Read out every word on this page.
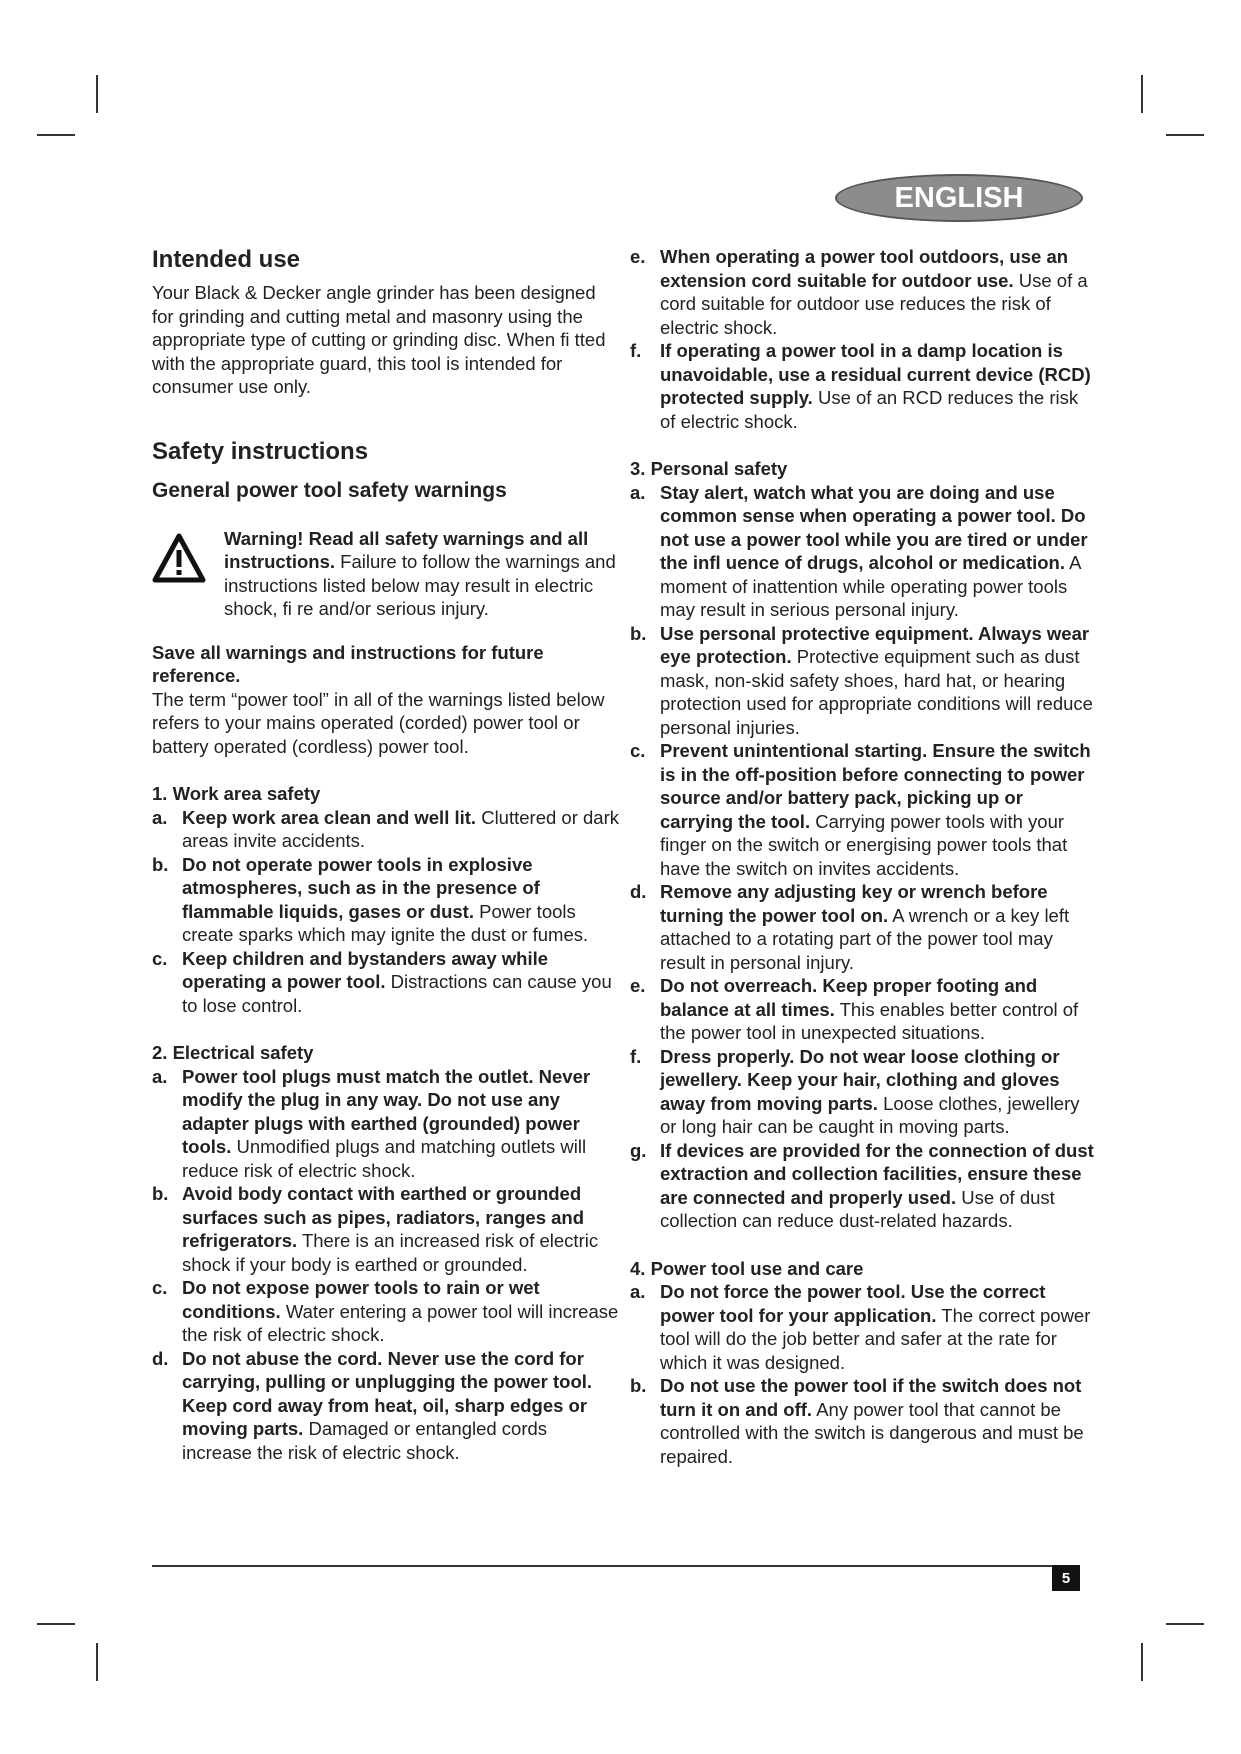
ENGLISH
Intended use

Your Black & Decker angle grinder has been designed for grinding and cutting metal and masonry using the appropriate type of cutting or grinding disc. When fi tted with the appropriate guard, this tool is intended for consumer use only.

Safety instructions
General power tool safety warnings
Warning! Read all safety warnings and all instructions. Failure to follow the warnings and instructions listed below may result in electric shock, fi re and/or serious injury.

Save all warnings and instructions for future reference.

The term “power tool” in all of the warnings listed below refers to your mains operated (corded) power tool or battery operated (cordless) power tool.

1. Work area safety

a. Keep work area clean and well lit. Cluttered or dark areas invite accidents.
b. Do not operate power tools in explosive atmospheres, such as in the presence of flammable liquids, gases or dust. Power tools create sparks which may ignite the dust or fumes.
c. Keep children and bystanders away while operating a power tool. Distractions can cause you to lose control.

2. Electrical safety

a. Power tool plugs must match the outlet. Never modify the plug in any way. Do not use any adapter plugs with earthed (grounded) power tools. Unmodified plugs and matching outlets will reduce risk of electric shock.
b. Avoid body contact with earthed or grounded surfaces such as pipes, radiators, ranges and refrigerators. There is an increased risk of electric shock if your body is earthed or grounded.
c. Do not expose power tools to rain or wet conditions. Water entering a power tool will increase the risk of electric shock.
d. Do not abuse the cord. Never use the cord for carrying, pulling or unplugging the power tool. Keep cord away from heat, oil, sharp edges or moving parts. Damaged or entangled cords increase the risk of electric shock.
e. When operating a power tool outdoors, use an extension cord suitable for outdoor use. Use of a cord suitable for outdoor use reduces the risk of electric shock.
f.	If operating a power tool in a damp location is unavoidable, use a residual current device (RCD) protected supply. Use of an RCD reduces the risk of electric shock.

3. Personal safety

a. Stay alert, watch what you are doing and use common sense when operating a power tool. Do not use a power tool while you are tired or under the infl uence of drugs, alcohol or medication. A moment of inattention while operating power tools may result in serious personal injury.
b. Use personal protective equipment. Always wear eye protection. Protective equipment such as dust mask, non-skid safety shoes, hard hat, or hearing protection used for appropriate conditions will reduce personal injuries.
c. Prevent unintentional starting. Ensure the switch is in the off-position before connecting to power source and/or battery pack, picking up or carrying the tool. Carrying power tools with your finger on the switch or energising power tools that have the switch on invites accidents.
d. Remove any adjusting key or wrench before turning the power tool on. A wrench or a key left attached to a rotating part of the power tool may result in personal injury.
e. Do not overreach. Keep proper footing and balance at all times. This enables better control of the power tool in unexpected situations.
f.	Dress properly. Do not wear loose clothing or jewellery. Keep your hair, clothing and gloves away from moving parts. Loose clothes, jewellery or long hair can be caught in moving parts.
g. If devices are provided for the connection of dust extraction and collection facilities, ensure these are connected and properly used. Use of dust collection can reduce dust-related hazards.

4. Power tool use and care

a. Do not force the power tool. Use the correct power tool for your application. The correct power tool will do the job better and safer at the rate for which it was designed.
b. Do not use the power tool if the switch does not turn it on and off. Any power tool that cannot be controlled with the switch is dangerous and must be repaired.
5
